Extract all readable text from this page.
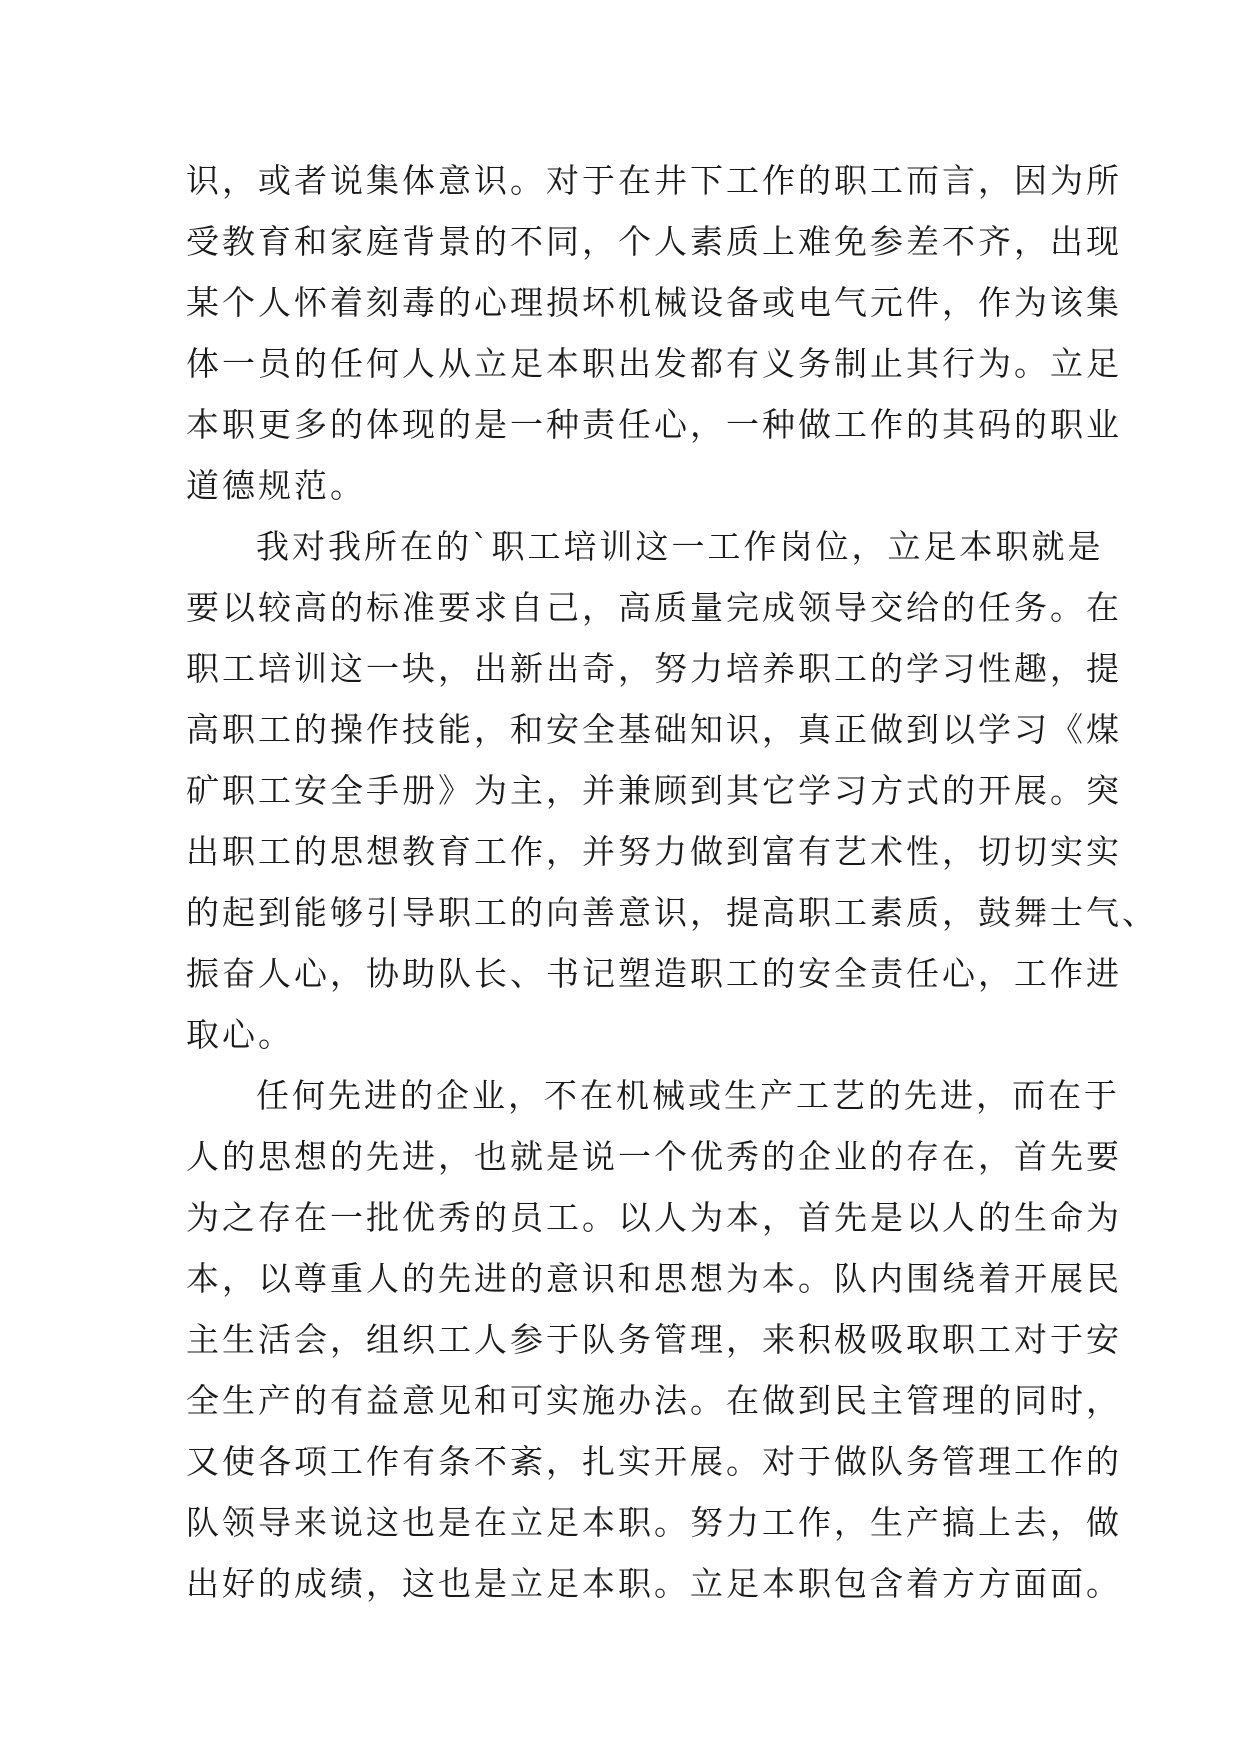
识，或者说集体意识。对于在井下工作的职工而言，因为所
受教育和家庭背景的不同，个人素质上难免参差不齐，出现
某个人怀着刻毒的心理损坏机械设备或电气元件，作为该集
体一员的任何人从立足本职出发都有义务制止其行为。立足
本职更多的体现的是一种责任心，一种做工作的其码的职业
道德规范。
我对我所在的`职工培训这一工作岗位，立足本职就是
要以较高的标准要求自己，高质量完成领导交给的任务。在
职工培训这一块，出新出奇，努力培养职工的学习性趣，提
高职工的操作技能，和安全基础知识，真正做到以学习《煤
矿职工安全手册》为主，并兼顾到其它学习方式的开展。突
出职工的思想教育工作，并努力做到富有艺术性，切切实实
的起到能够引导职工的向善意识，提高职工素质，鼓舞士气、
振奋人心，协助队长、书记塑造职工的安全责任心，工作进
取心。
任何先进的企业，不在机械或生产工艺的先进，而在于
人的思想的先进，也就是说一个优秀的企业的存在，首先要
为之存在一批优秀的员工。以人为本，首先是以人的生命为
本，以尊重人的先进的意识和思想为本。队内围绕着开展民
主生活会，组织工人参于队务管理，来积极吸取职工对于安
全生产的有益意见和可实施办法。在做到民主管理的同时，
又使各项工作有条不紊，扎实开展。对于做队务管理工作的
队领导来说这也是在立足本职。努力工作，生产搞上去，做
出好的成绩，这也是立足本职。立足本职包含着方方面面。
